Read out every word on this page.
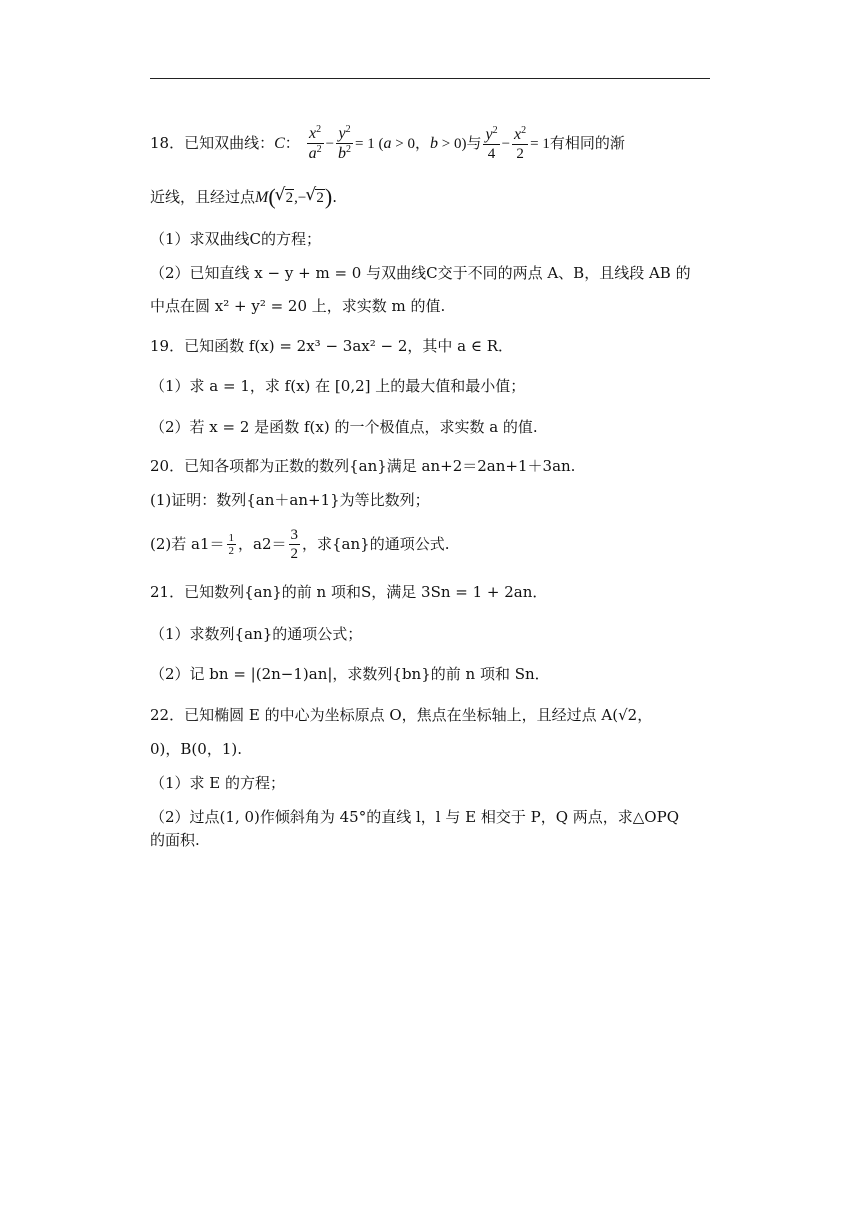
18．已知双曲线：C： $\frac{x^2}{a^2} - \frac{y^2}{b^2} = 1$ (a > 0，b > 0)与 $\frac{y^2}{4} - \frac{x^2}{2} = 1$有相同的渐
近线，且经过点M( √ 2,− √ 2).
（1）求双曲线C的方程；
（2）已知直线 x − y + m = 0 与双曲线C交于不同的两点 A、B，且线段 AB 的
中点在圆 x² + y² = 20 上，求实数 m 的值.
19．已知函数 f(x) = 2x³ − 3ax² − 2，其中 a ∈ R．
（1）求 a = 1，求 f(x) 在 [0,2] 上的最大值和最小值；
（2）若 x = 2 是函数 f(x) 的一个极值点，求实数 a 的值.
20．已知各项都为正数的数列{an}满足 an+2＝2an+1＋3an.
(1)证明：数列{an＋an+1}为等比数列；
(2)若 $a1= \frac{1}{2}$ ，$a2= \frac{3}{2}$ ，求{an}的通项公式.
21．已知数列{an}的前 n 项和S，满足 3Sn = 1 + 2an．
（1）求数列{an}的通项公式；
（2）记 bn = |(2n−1)an|，求数列{bn}的前 n 项和 Sn．
22．已知椭圆 E 的中心为坐标原点 O，焦点在坐标轴上，且经过点 A(√2，
0)，B(0，1).
（1）求 E 的方程；
（2）过点(1, 0)作倾斜角为 45°的直线 l，l 与 E 相交于 P，Q 两点，求△OPQ
的面积.
